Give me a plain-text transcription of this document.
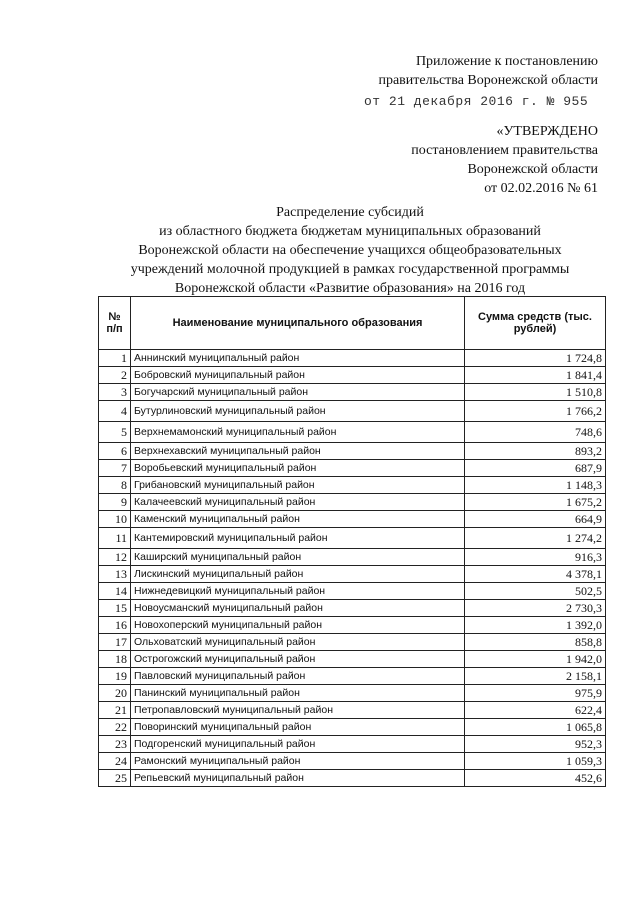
Приложение к постановлению
правительства Воронежской области
от 21 декабря 2016 г. № 955
«УТВЕРЖДЕНО
постановлением правительства
Воронежской области
от 02.02.2016 № 61
Распределение субсидий
из областного бюджета бюджетам муниципальных образований
Воронежской области на обеспечение учащихся общеобразовательных
учреждений молочной продукцией в рамках государственной программы
Воронежской области «Развитие образования» на 2016 год
№ п/п	Наименование муниципального образования	Сумма средств (тыс. рублей)
1	Аннинский муниципальный район	1 724,8
2	Бобровский муниципальный район	1 841,4
3	Богучарский муниципальный район	1 510,8
4	Бутурлиновский муниципальный район	1 766,2
5	Верхнемамонский муниципальный район	748,6
6	Верхнехавский муниципальный район	893,2
7	Воробьевский муниципальный район	687,9
8	Грибановский муниципальный район	1 148,3
9	Калачеевский муниципальный район	1 675,2
10	Каменский муниципальный район	664,9
11	Кантемировский муниципальный район	1 274,2
12	Каширский муниципальный район	916,3
13	Лискинский муниципальный район	4 378,1
14	Нижнедевицкий муниципальный район	502,5
15	Новоусманский муниципальный район	2 730,3
16	Новохоперский муниципальный район	1 392,0
17	Ольховатский муниципальный район	858,8
18	Острогожский муниципальный район	1 942,0
19	Павловский муниципальный район	2 158,1
20	Панинский муниципальный район	975,9
21	Петропавловский муниципальный район	622,4
22	Поворинский муниципальный район	1 065,8
23	Подгоренский муниципальный район	952,3
24	Рамонский муниципальный район	1 059,3
25	Репьевский муниципальный район	452,6
